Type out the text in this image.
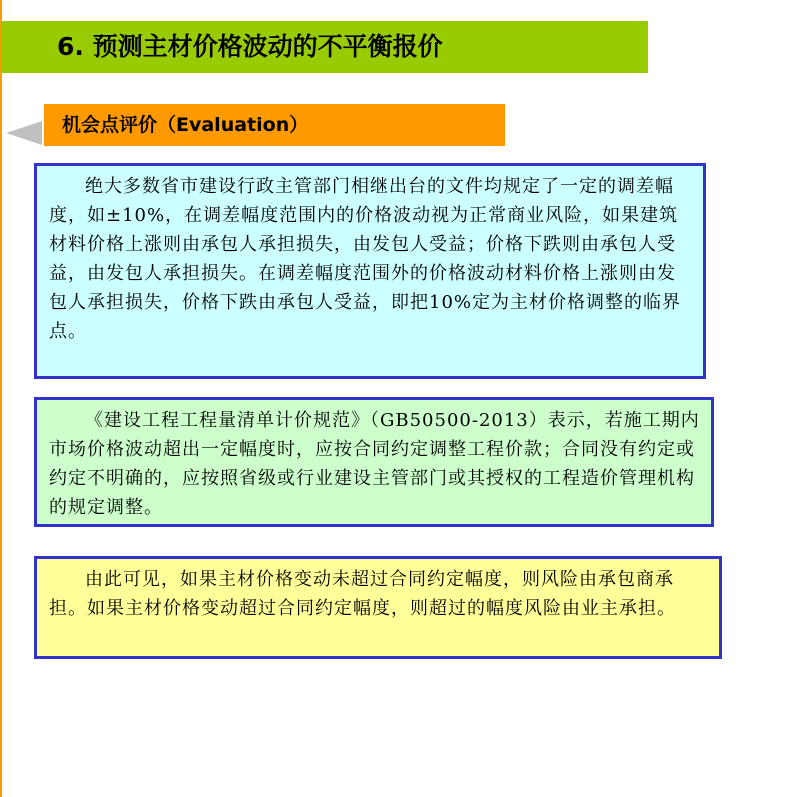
6. 预测主材价格波动的不平衡报价
机会点评价（Evaluation）
绝大多数省市建设行政主管部门相继出台的文件均规定了一定的调差幅度，如±10%，在调差幅度范围内的价格波动视为正常商业风险，如果建筑材料价格上涨则由承包人承担损失，由发包人受益；价格下跌则由承包人受益，由发包人承担损失。在调差幅度范围外的价格波动材料价格上涨则由发包人承担损失，价格下跌由承包人受益，即把10%定为主材价格调整的临界点。
《建设工程工程量清单计价规范》（GB50500-2013）表示，若施工期内市场价格波动超出一定幅度时，应按合同约定调整工程价款；合同没有约定或约定不明确的，应按照省级或行业建设主管部门或其授权的工程造价管理机构的规定调整。
由此可见，如果主材价格变动未超过合同约定幅度，则风险由承包商承担。如果主材价格变动超过合同约定幅度，则超过的幅度风险由业主承担。
